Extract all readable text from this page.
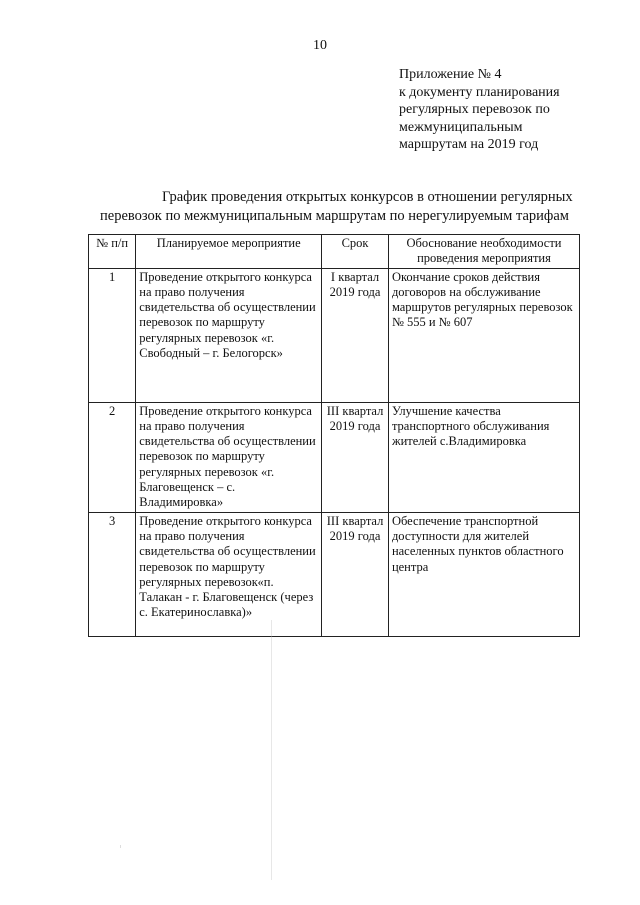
10
Приложение № 4
к документу планирования
регулярных перевозок по
межмуниципальным
маршрутам на 2019 год
График проведения открытых конкурсов в отношении регулярных
перевозок по межмуниципальным маршрутам по нерегулируемым тарифам
№ п/п	Планируемое мероприятие	Срок	Обоснование необходимости проведения мероприятия
1	Проведение открытого конкурса на право получения свидетельства об осуществлении перевозок по маршруту регулярных перевозок «г. Свободный – г. Белогорск»	I квартал 2019 года	Окончание сроков действия договоров на обслуживание маршрутов регулярных перевозок № 555 и № 607
2	Проведение открытого конкурса на право получения свидетельства об осуществлении перевозок по маршруту регулярных перевозок «г. Благовещенск – с. Владимировка»	III квартал 2019 года	Улучшение качества транспортного обслуживания жителей с.Владимировка
3	Проведение открытого конкурса на право получения свидетельства об осуществлении перевозок по маршруту регулярных перевозок«п. Талакан - г. Благовещенск (через с. Екатеринославка)»	III квартал 2019 года	Обеспечение транспортной доступности для жителей населенных пунктов областного центра
